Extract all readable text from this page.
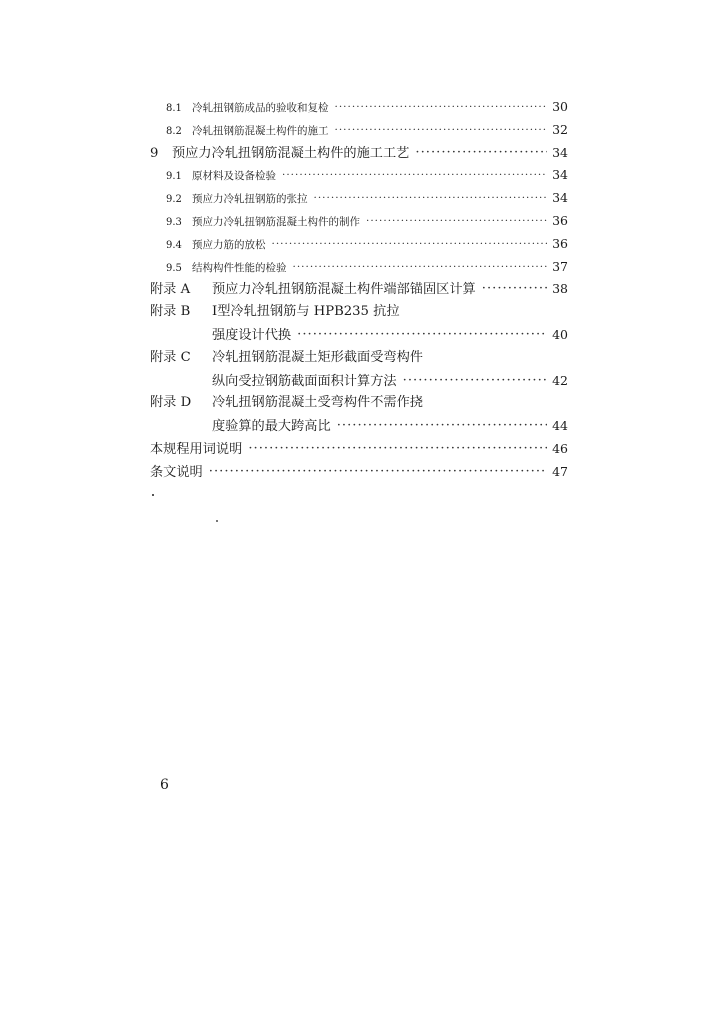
8.1 冷轧扭钢筋成品的验收和复检 ·····	30
8.2 冷轧扭钢筋混凝土构件的施工 ·····	32
9	预应力冷轧扭钢筋混凝土构件的施工工艺 ·····	34
9.1 原材料及设备检验 ·····	34
9.2 预应力冷轧扭钢筋的张拉 ·····	34
9.3 预应力冷轧扭钢筋混凝土构件的制作 ·····	36
9.4 预应力筋的放松 ·····	36
9.5 结构构件性能的检验 ·····	37
附录 A	预应力冷轧扭钢筋混凝土构件端部锚固区计算 ·····	38
附录 B	Ⅰ型冷轧扭钢筋与 HPB235 抗拉
强度设计代换 ·····	40
附录 C	冷轧扭钢筋混凝土矩形截面受弯构件
纵向受拉钢筋截面面积计算方法 ·····	42
附录 D	冷轧扭钢筋混凝土受弯构件不需作挠
度验算的最大跨高比 ·····	44
本规程用词说明 ·····	46
条文说明 ·····	47
6
